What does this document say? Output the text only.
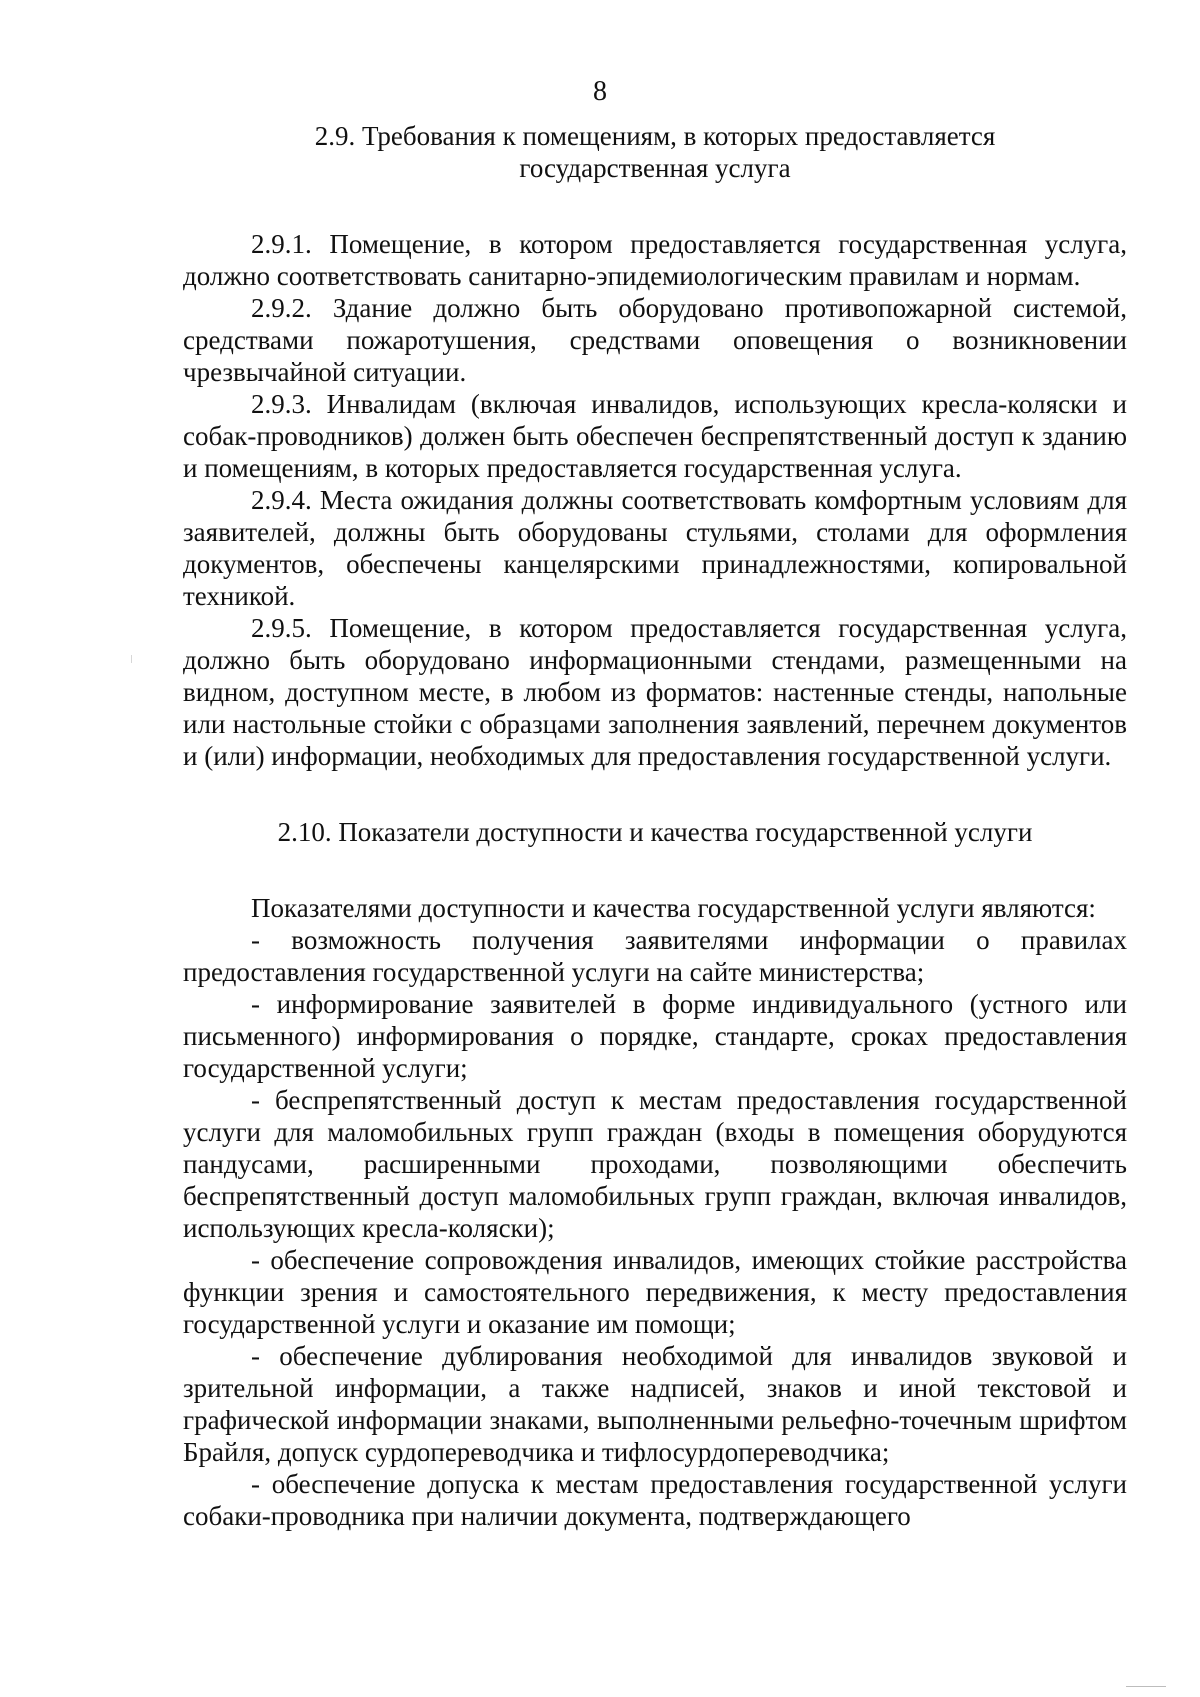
8

2.9. Требования к помещениям, в которых предоставляется

государственная услуга

2.9.1. Помещение, в котором предоставляется государственная услуга, должно соответствовать санитарно-эпидемиологическим правилам и нормам.

2.9.2. Здание должно быть оборудовано противопожарной системой, средствами пожаротушения, средствами оповещения о возникновении чрезвычайной ситуации.

2.9.3. Инвалидам (включая инвалидов, использующих кресла-коляски и собак-проводников) должен быть обеспечен беспрепятственный доступ к зданию и помещениям, в которых предоставляется государственная услуга.

2.9.4. Места ожидания должны соответствовать комфортным условиям для заявителей, должны быть оборудованы стульями, столами для оформления документов, обеспечены канцелярскими принадлежностями, копировальной техникой.

2.9.5. Помещение, в котором предоставляется государственная услуга, должно быть оборудовано информационными стендами, размещенными на видном, доступном месте, в любом из форматов: настенные стенды, напольные или настольные стойки с образцами заполнения заявлений, перечнем документов и (или) информации, необходимых для предоставления государственной услуги.

2.10. Показатели доступности и качества государственной услуги

Показателями доступности и качества государственной услуги являются:

- возможность получения заявителями информации о правилах предоставления государственной услуги на сайте министерства;

- информирование заявителей в форме индивидуального (устного или письменного) информирования о порядке, стандарте, сроках предоставления государственной услуги;

- беспрепятственный доступ к местам предоставления государственной услуги для маломобильных групп граждан (входы в помещения оборудуются пандусами, расширенными проходами, позволяющими обеспечить беспрепятственный доступ маломобильных групп граждан, включая инвалидов, использующих кресла-коляски);

- обеспечение сопровождения инвалидов, имеющих стойкие расстройства функции зрения и самостоятельного передвижения, к месту предоставления государственной услуги и оказание им помощи;

- обеспечение дублирования необходимой для инвалидов звуковой и зрительной информации, а также надписей, знаков и иной текстовой и графической информации знаками, выполненными рельефно-точечным шрифтом Брайля, допуск сурдопереводчика и тифлосурдопереводчика;

- обеспечение допуска к местам предоставления государственной услуги собаки-проводника при наличии документа, подтверждающего
